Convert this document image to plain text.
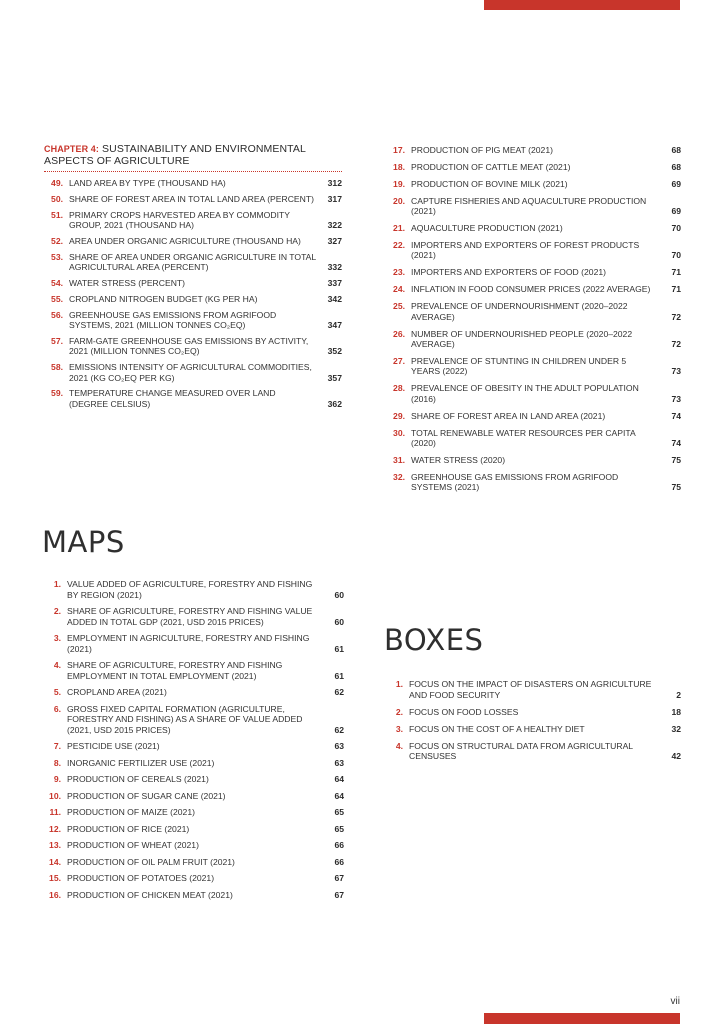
CHAPTER 4: SUSTAINABILITY AND ENVIRONMENTAL ASPECTS OF AGRICULTURE
49. LAND AREA BY TYPE (THOUSAND HA)	312
50. SHARE OF FOREST AREA IN TOTAL LAND AREA (PERCENT)	317
51. PRIMARY CROPS HARVESTED AREA BY COMMODITY GROUP, 2021 (THOUSAND HA)	322
52. AREA UNDER ORGANIC AGRICULTURE (THOUSAND HA)	327
53. SHARE OF AREA UNDER ORGANIC AGRICULTURE IN TOTAL AGRICULTURAL AREA (PERCENT)	332
54. WATER STRESS (PERCENT)	337
55. CROPLAND NITROGEN BUDGET (KG PER HA)	342
56. GREENHOUSE GAS EMISSIONS FROM AGRIFOOD SYSTEMS, 2021 (MILLION TONNES CO₂EQ)	347
57. FARM-GATE GREENHOUSE GAS EMISSIONS BY ACTIVITY, 2021 (MILLION TONNES CO₂EQ)	352
58. EMISSIONS INTENSITY OF AGRICULTURAL COMMODITIES, 2021 (KG CO₂EQ PER KG)	357
59. TEMPERATURE CHANGE MEASURED OVER LAND (DEGREE CELSIUS)	362
MAPS
1. VALUE ADDED OF AGRICULTURE, FORESTRY AND FISHING BY REGION (2021)	60
2. SHARE OF AGRICULTURE, FORESTRY AND FISHING VALUE ADDED IN TOTAL GDP (2021, USD 2015 PRICES)	60
3. EMPLOYMENT IN AGRICULTURE, FORESTRY AND FISHING (2021)	61
4. SHARE OF AGRICULTURE, FORESTRY AND FISHING EMPLOYMENT IN TOTAL EMPLOYMENT (2021)	61
5. CROPLAND AREA (2021)	62
6. GROSS FIXED CAPITAL FORMATION (AGRICULTURE, FORESTRY AND FISHING) AS A SHARE OF VALUE ADDED (2021, USD 2015 PRICES)	62
7. PESTICIDE USE (2021)	63
8. INORGANIC FERTILIZER USE (2021)	63
9. PRODUCTION OF CEREALS (2021)	64
10. PRODUCTION OF SUGAR CANE (2021)	64
11. PRODUCTION OF MAIZE (2021)	65
12. PRODUCTION OF RICE (2021)	65
13. PRODUCTION OF WHEAT (2021)	66
14. PRODUCTION OF OIL PALM FRUIT (2021)	66
15. PRODUCTION OF POTATOES (2021)	67
16. PRODUCTION OF CHICKEN MEAT (2021)	67
17. PRODUCTION OF PIG MEAT (2021)	68
18. PRODUCTION OF CATTLE MEAT (2021)	68
19. PRODUCTION OF BOVINE MILK (2021)	69
20. CAPTURE FISHERIES AND AQUACULTURE PRODUCTION (2021)	69
21. AQUACULTURE PRODUCTION (2021)	70
22. IMPORTERS AND EXPORTERS OF FOREST PRODUCTS (2021)	70
23. IMPORTERS AND EXPORTERS OF FOOD (2021)	71
24. INFLATION IN FOOD CONSUMER PRICES (2022 AVERAGE)	71
25. PREVALENCE OF UNDERNOURISHMENT (2020–2022 AVERAGE)	72
26. NUMBER OF UNDERNOURISHED PEOPLE (2020–2022 AVERAGE)	72
27. PREVALENCE OF STUNTING IN CHILDREN UNDER 5 YEARS (2022)	73
28. PREVALENCE OF OBESITY IN THE ADULT POPULATION (2016)	73
29. SHARE OF FOREST AREA IN LAND AREA (2021)	74
30. TOTAL RENEWABLE WATER RESOURCES PER CAPITA (2020)	74
31. WATER STRESS (2020)	75
32. GREENHOUSE GAS EMISSIONS FROM AGRIFOOD SYSTEMS (2021)	75
BOXES
1. FOCUS ON THE IMPACT OF DISASTERS ON AGRICULTURE AND FOOD SECURITY	2
2. FOCUS ON FOOD LOSSES	18
3. FOCUS ON THE COST OF A HEALTHY DIET	32
4. FOCUS ON STRUCTURAL DATA FROM AGRICULTURAL CENSUSES	42
vii
